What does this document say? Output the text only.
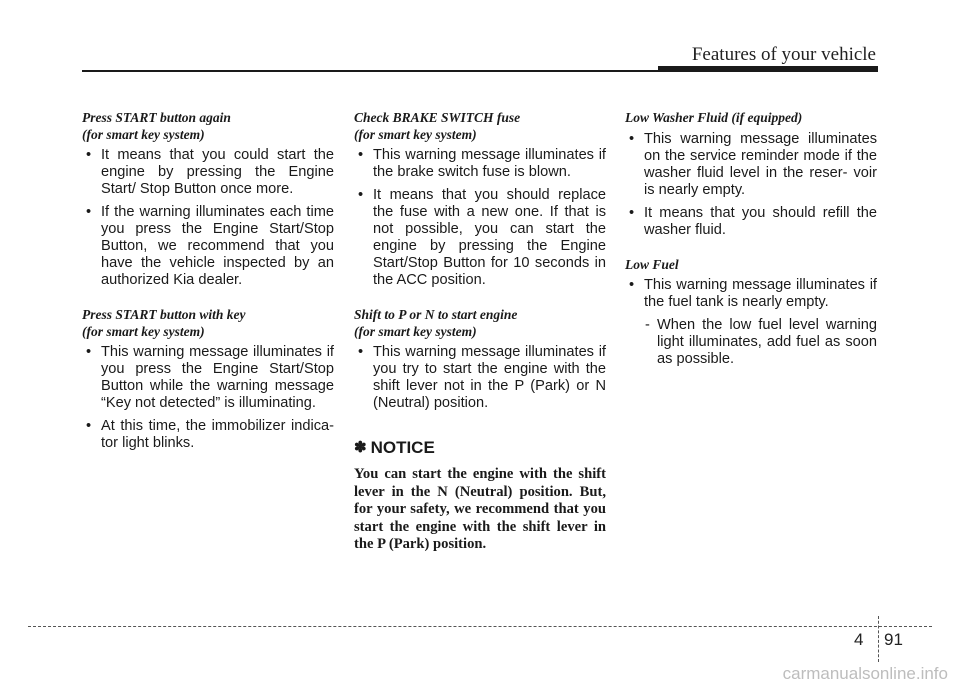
Features of your vehicle
Press START button again
(for smart key system)
• It means that you could start the engine by pressing the Engine Start/ Stop Button once more.
• If the warning illuminates each time you press the Engine Start/Stop Button, we recommend that you have the vehicle inspected by an authorized Kia dealer.
Press START button with key
(for smart key system)
• This warning message illuminates if you press the Engine Start/Stop Button while the warning message “Key not detected” is illuminating.
• At this time, the immobilizer indica- tor light blinks.
Check BRAKE SWITCH fuse
(for smart key system)
• This warning message illuminates if the brake switch fuse is blown.
• It means that you should replace the fuse with a new one. If that is not possible, you can start the engine by pressing the Engine Start/Stop Button for 10 seconds in the ACC position.
Shift to P or N to start engine
(for smart key system)
• This warning message illuminates if you try to start the engine with the shift lever not in the P (Park) or N (Neutral) position.
✽ NOTICE
You can start the engine with the shift lever in the N (Neutral) position. But, for your safety, we recommend that you start the engine with the shift lever in the P (Park) position.
Low Washer Fluid (if equipped)
• This warning message illuminates on the service reminder mode if the washer fluid level in the reser- voir is nearly empty.
• It means that you should refill the washer fluid.
Low Fuel
• This warning message illuminates if the fuel tank is nearly empty.
- When the low fuel level warning light illuminates, add fuel as soon as possible.
4 91
carmanualsonline.info
